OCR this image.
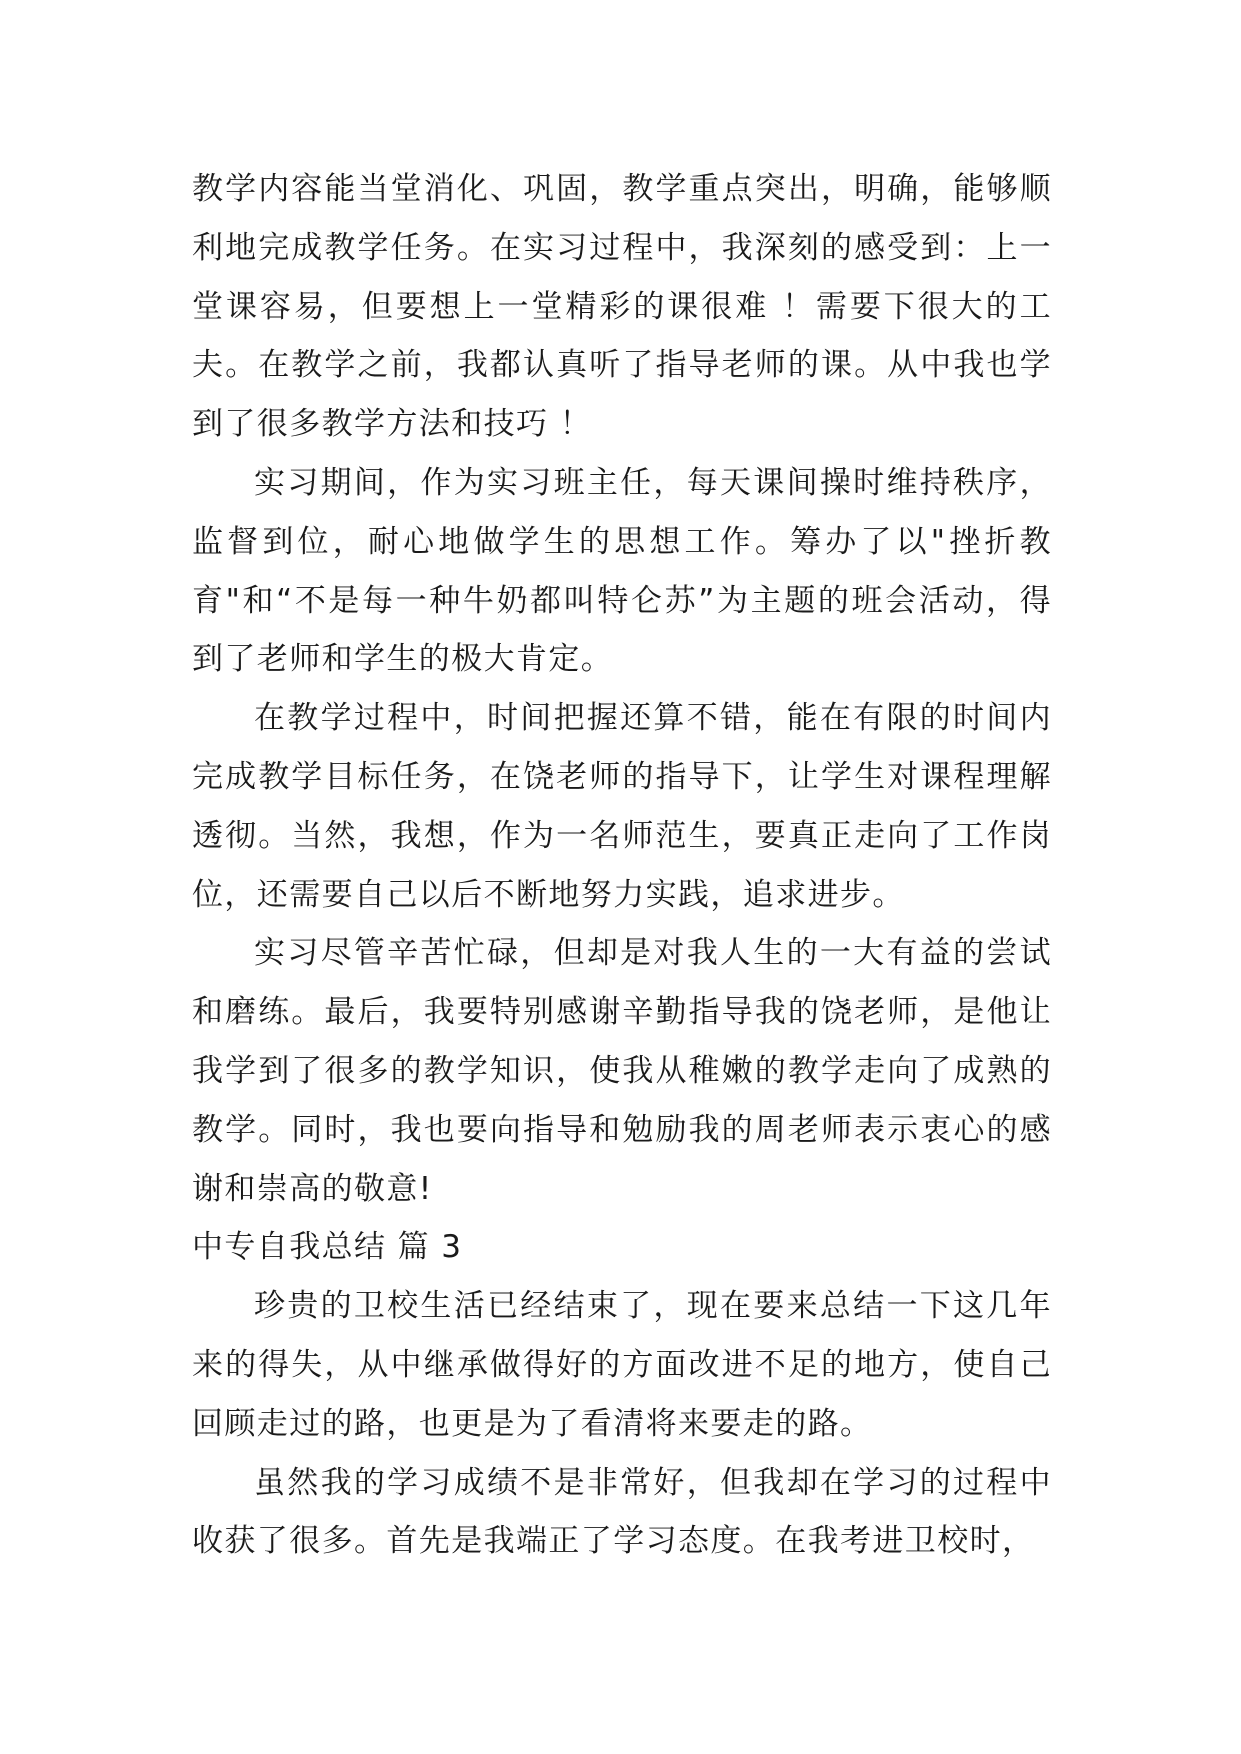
教学内容能当堂消化、巩固，教学重点突出，明确，能够顺利地完成教学任务。在实习过程中，我深刻的感受到：上一堂课容易，但要想上一堂精彩的课很难 ！需要下很大的工夫。在教学之前，我都认真听了指导老师的课。从中我也学到了很多教学方法和技巧 ！

实习期间，作为实习班主任，每天课间操时维持秩序，监督到位，耐心地做学生的思想工作。筹办了以"挫折教育"和“不是每一种牛奶都叫特仑苏”为主题的班会活动，得到了老师和学生的极大肯定。

在教学过程中，时间把握还算不错，能在有限的时间内完成教学目标任务，在饶老师的指导下，让学生对课程理解透彻。当然，我想，作为一名师范生，要真正走向了工作岗位，还需要自己以后不断地努力实践，追求进步。

实习尽管辛苦忙碌，但却是对我人生的一大有益的尝试和磨练。最后，我要特别感谢辛勤指导我的饶老师，是他让我学到了很多的教学知识，使我从稚嫩的教学走向了成熟的教学。同时，我也要向指导和勉励我的周老师表示衷心的感谢和崇高的敬意!

中专自我总结 篇 3

珍贵的卫校生活已经结束了，现在要来总结一下这几年来的得失，从中继承做得好的方面改进不足的地方，使自己回顾走过的路，也更是为了看清将来要走的路。

虽然我的学习成绩不是非常好，但我却在学习的过程中收获了很多。首先是我端正了学习态度。在我考进卫校时，
